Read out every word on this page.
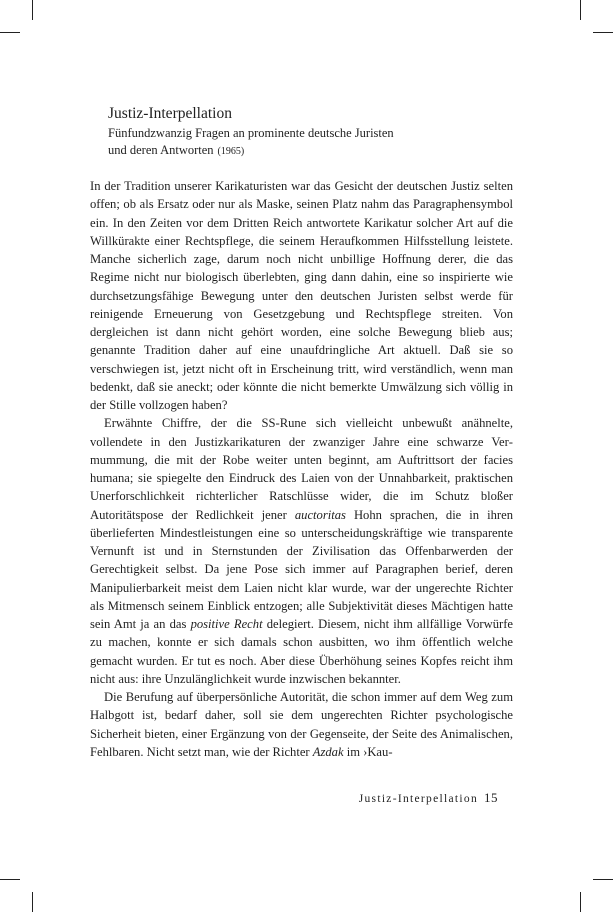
Justiz-Interpellation
Fünfundzwanzig Fragen an prominente deutsche Juristen und deren Antworten (1965)

In der Tradition unserer Karikaturisten war das Gesicht der deutschen Justiz selten offen; ob als Ersatz oder nur als Maske, seinen Platz nahm das Paragraphensymbol ein. In den Zeiten vor dem Dritten Reich antwortete Karikatur solcher Art auf die Willkürakte einer Rechtspflege, die seinem Heraufkommen Hilfsstellung leistete. Manche sicherlich zage, darum noch nicht unbillige Hoffnung derer, die das Regime nicht nur biologisch überlebten, ging dann dahin, eine so inspirierte wie durchsetzungsfähige Bewegung unter den deutschen Juristen selbst werde für reinigende Erneuerung von Gesetzgebung und Rechtspflege streiten. Von dergleichen ist dann nicht gehört worden, eine solche Bewegung blieb aus; genannte Tradition daher auf eine unaufdringliche Art aktuell. Daß sie so verschwiegen ist, jetzt nicht oft in Erscheinung tritt, wird verständlich, wenn man bedenkt, daß sie aneckt; oder könnte die nicht bemerkte Umwälzung sich völlig in der Stille vollzogen haben?

Erwähnte Chiffre, der die SS-Rune sich vielleicht unbewußt anähnelte, vollendete in den Justizkarikaturen der zwanziger Jahre eine schwarze Vermummung, die mit der Robe weiter unten beginnt, am Auftrittsort der facies humana; sie spiegelte den Eindruck des Laien von der Unnahbarkeit, praktischen Unerforschlichkeit richterlicher Ratschlüsse wider, die im Schutz bloßer Autoritätspose der Redlichkeit jener auctoritas Hohn sprachen, die in ihren überlieferten Mindestleistungen eine so unterscheidungskräftige wie transparente Vernunft ist und in Sternstunden der Zivilisation das Offenbarwerden der Gerechtigkeit selbst. Da jene Pose sich immer auf Paragraphen berief, deren Manipulierbarkeit meist dem Laien nicht klar wurde, war der ungerechte Richter als Mitmensch seinem Einblick entzogen; alle Subjektivität dieses Mächtigen hatte sein Amt ja an das positive Recht delegiert. Diesem, nicht ihm allfällige Vorwürfe zu machen, konnte er sich damals schon ausbitten, wo ihm öffentlich welche gemacht wurden. Er tut es noch. Aber diese Überhöhung seines Kopfes reicht ihm nicht aus: ihre Unzulänglichkeit wurde inzwischen bekannter.

Die Berufung auf überpersönliche Autorität, die schon immer auf dem Weg zum Halbgott ist, bedarf daher, soll sie dem ungerechten Richter psychologische Sicherheit bieten, einer Ergänzung von der Gegenseite, der Seite des Animalischen, Fehlbaren. Nicht setzt man, wie der Richter Azdak im ›Kau-

Justiz-Interpellation 15
